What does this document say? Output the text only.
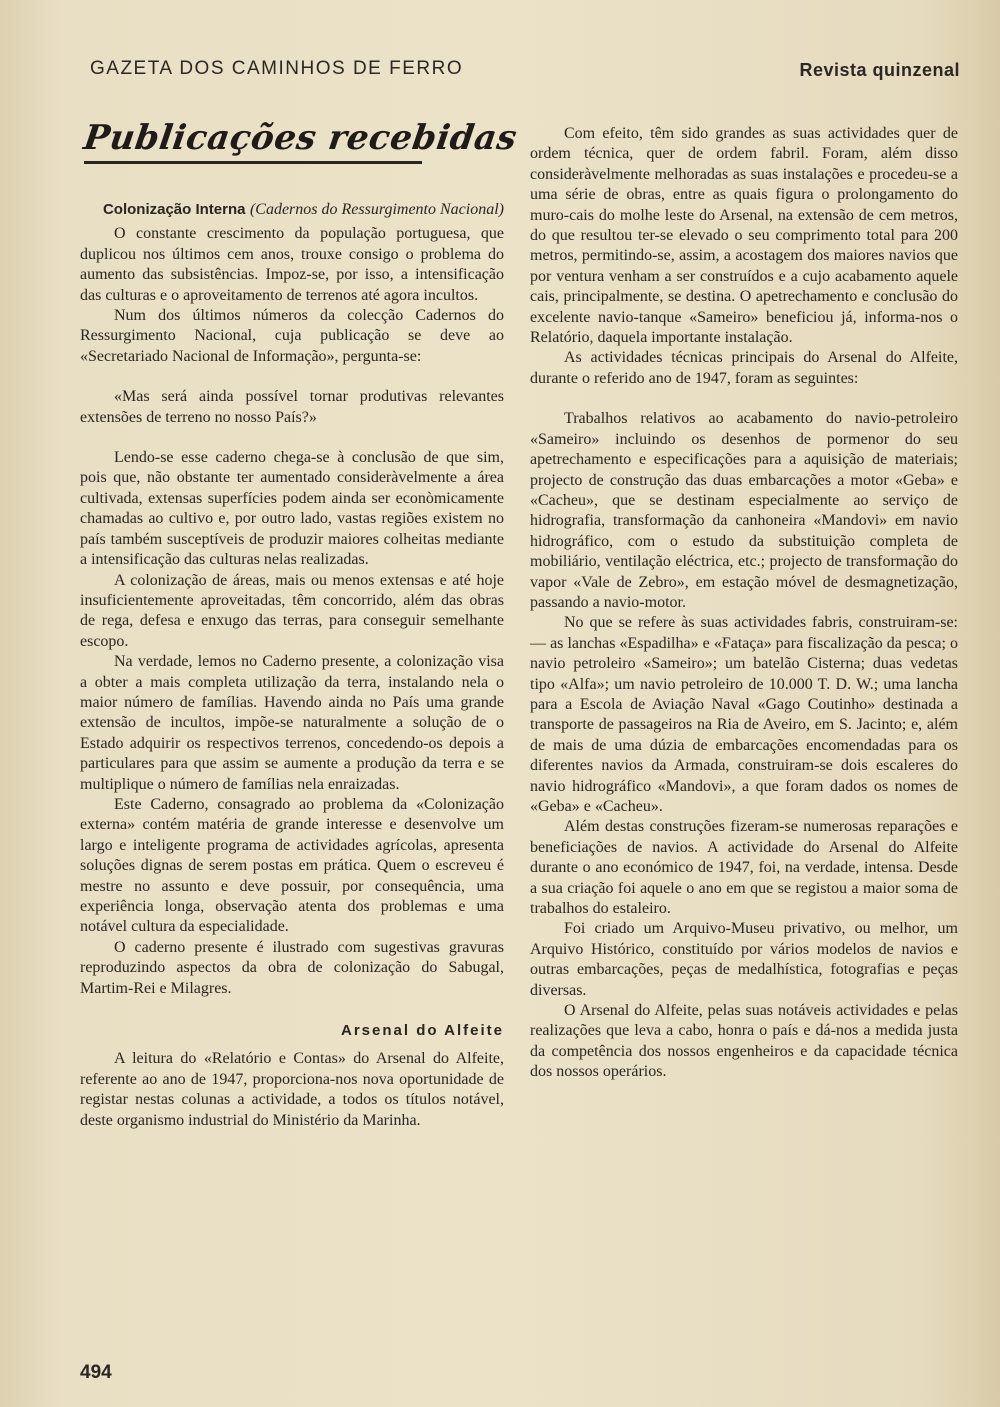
GAZETA DOS CAMINHOS DE FERRO	Revista quinzenal
Publicações recebidas
Colonização Interna (Cadernos do Ressurgimento Nacional)

O constante crescimento da população portuguesa, que duplicou nos últimos cem anos, trouxe consigo o problema do aumento das subsistências. Impoz-se, por isso, a intensificação das culturas e o aproveitamento de terrenos até agora incultos.

Num dos últimos números da colecção Cadernos do Ressurgimento Nacional, cuja publicação se deve ao «Secretariado Nacional de Informação», pergunta-se:

«Mas será ainda possível tornar produtivas relevantes extensões de terreno no nosso País?»

Lendo-se esse caderno chega-se à conclusão de que sim, pois que, não obstante ter aumentado consideràvelmente a área cultivada, extensas superfícies podem ainda ser econòmicamente chamadas ao cultivo e, por outro lado, vastas regiões existem no país também susceptíveis de produzir maiores colheitas mediante a intensificação das culturas nelas realizadas.

A colonização de áreas, mais ou menos extensas e até hoje insuficientemente aproveitadas, têm concorrido, além das obras de rega, defesa e enxugo das terras, para conseguir semelhante escopo.

Na verdade, lemos no Caderno presente, a colonização visa a obter a mais completa utilização da terra, instalando nela o maior número de famílias. Havendo ainda no País uma grande extensão de incultos, impõe-se naturalmente a solução de o Estado adquirir os respectivos terrenos, concedendo-os depois a particulares para que assim se aumente a produção da terra e se multiplique o número de famílias nela enraizadas.

Este Caderno, consagrado ao problema da «Colonização externa» contém matéria de grande interesse e desenvolve um largo e inteligente programa de actividades agrícolas, apresenta soluções dignas de serem postas em prática. Quem o escreveu é mestre no assunto e deve possuir, por consequência, uma experiência longa, observação atenta dos problemas e uma notável cultura da especialidade.

O caderno presente é ilustrado com sugestivas gravuras reproduzindo aspectos da obra de colonização do Sabugal, Martim-Rei e Milagres.

Arsenal do Alfeite

A leitura do «Relatório e Contas» do Arsenal do Alfeite, referente ao ano de 1947, proporciona-nos nova oportunidade de registar nestas colunas a actividade, a todos os títulos notável, deste organismo industrial do Ministério da Marinha.

Com efeito, têm sido grandes as suas actividades quer de ordem técnica, quer de ordem fabril. Foram, além disso consideràvelmente melhoradas as suas instalações e procedeu-se a uma série de obras, entre as quais figura o prolongamento do muro-cais do molhe leste do Arsenal, na extensão de cem metros, do que resultou ter-se elevado o seu comprimento total para 200 metros, permitindo-se, assim, a acostagem dos maiores navios que por ventura venham a ser construídos e a cujo acabamento aquele cais, principalmente, se destina. O apetrechamento e conclusão do excelente navio-tanque «Sameiro» beneficiou já, informa-nos o Relatório, daquela importante instalação.

As actividades técnicas principais do Arsenal do Alfeite, durante o referido ano de 1947, foram as seguintes:

Trabalhos relativos ao acabamento do navio-petroleiro «Sameiro» incluindo os desenhos de pormenor do seu apetrechamento e especificações para a aquisição de materiais; projecto de construção das duas embarcações a motor «Geba» e «Cacheu», que se destinam especialmente ao serviço de hidrografia, transformação da canhoneira «Mandovi» em navio hidrográfico, com o estudo da substituição completa de mobiliário, ventilação eléctrica, etc.; projecto de transformação do vapor «Vale de Zebro», em estação móvel de desmagnetização, passando a navio-motor.

No que se refere às suas actividades fabris, construiram-se: — as lanchas «Espadilha» e «Fataça» para fiscalização da pesca; o navio petroleiro «Sameiro»; um batelão Cisterna; duas vedetas tipo «Alfa»; um navio petroleiro de 10.000 T. D. W.; uma lancha para a Escola de Aviação Naval «Gago Coutinho» destinada a transporte de passageiros na Ria de Aveiro, em S. Jacinto; e, além de mais de uma dúzia de embarcações encomendadas para os diferentes navios da Armada, construiram-se dois escaleres do navio hidrográfico «Mandovi», a que foram dados os nomes de «Geba» e «Cacheu».

Além destas construções fizeram-se numerosas reparações e beneficiações de navios. A actividade do Arsenal do Alfeite durante o ano económico de 1947, foi, na verdade, intensa. Desde a sua criação foi aquele o ano em que se registou a maior soma de trabalhos do estaleiro.

Foi criado um Arquivo-Museu privativo, ou melhor, um Arquivo Histórico, constituído por vários modelos de navios e outras embarcações, peças de medalhística, fotografias e peças diversas.

O Arsenal do Alfeite, pelas suas notáveis actividades e pelas realizações que leva a cabo, honra o país e dá-nos a medida justa da competência dos nossos engenheiros e da capacidade técnica dos nossos operários.

494
